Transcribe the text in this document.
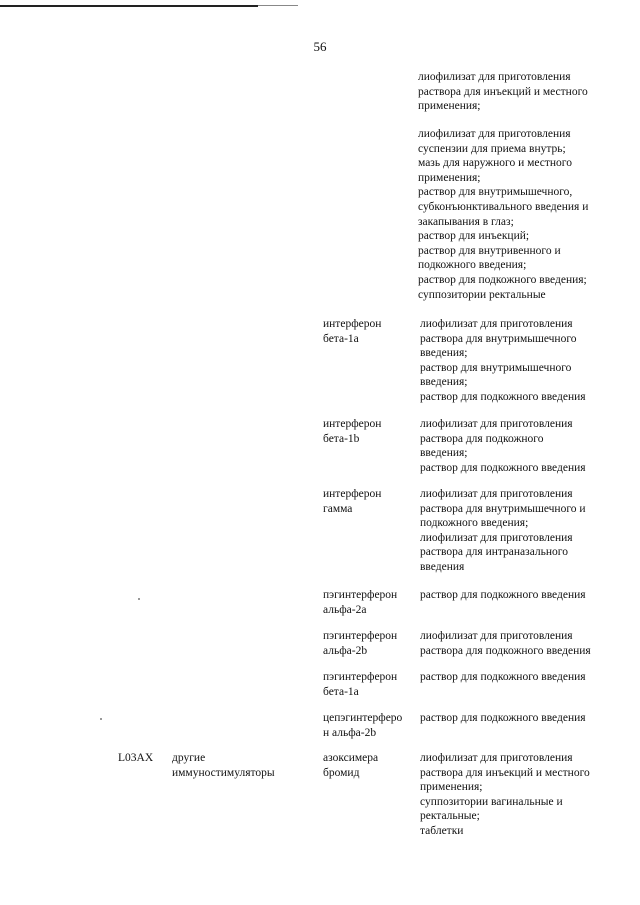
56
лиофилизат для приготовления
раствора для инъекций и местного
применения;
лиофилизат для приготовления
суспензии для приема внутрь;
мазь для наружного и местного
применения;
раствор для внутримышечного,
субконъюнктивального введения и
закапывания в глаз;
раствор для инъекций;
раствор для внутривенного и
подкожного введения;
раствор для подкожного введения;
суппозитории ректальные
интерферон
бета-1a
лиофилизат для приготовления
раствора для внутримышечного
введения;
раствор для внутримышечного
введения;
раствор для подкожного введения
интерферон
бета-1b
лиофилизат для приготовления
раствора для подкожного
введения;
раствор для подкожного введения
интерферон
гамма
лиофилизат для приготовления
раствора для внутримышечного и
подкожного введения;
лиофилизат для приготовления
раствора для интраназального
введения
пэгинтерферон
альфа-2a
раствор для подкожного введения
пэгинтерферон
альфа-2b
лиофилизат для приготовления
раствора для подкожного введения
пэгинтерферон
бета-1a
раствор для подкожного введения
цепэгинтерферо
н альфа-2b
раствор для подкожного введения
L03AX другие
иммуностимуляторы
азоксимера
бромид
лиофилизат для приготовления
раствора для инъекций и местного
применения;
суппозитории вагинальные и
ректальные;
таблетки
